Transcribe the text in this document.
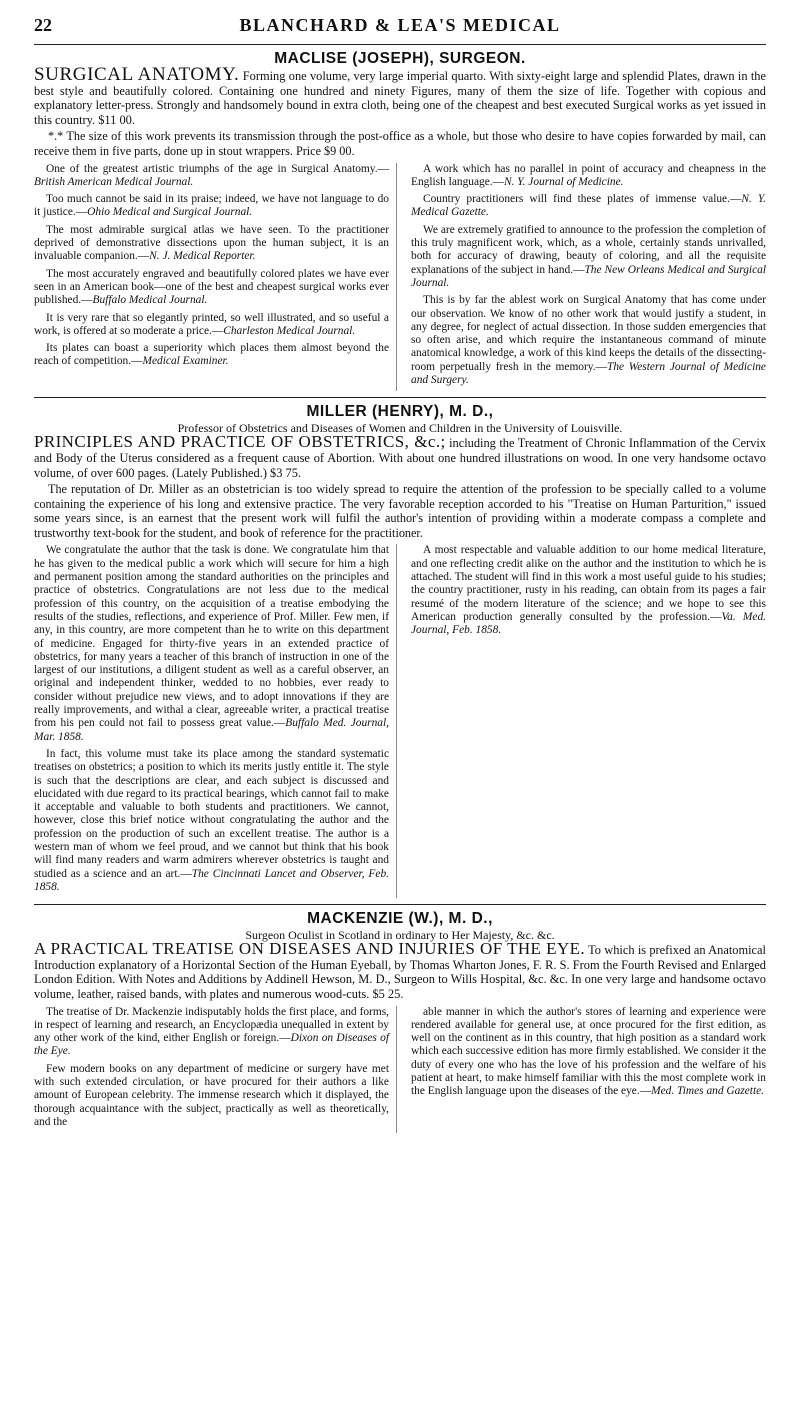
22	BLANCHARD & LEA'S MEDICAL
MACLISE (JOSEPH), SURGEON.

SURGICAL ANATOMY. Forming one volume, very large imperial quarto. With sixty-eight large and splendid Plates, drawn in the best style and beautifully colored. Containing one hundred and ninety Figures, many of them the size of life. Together with copious and explanatory letter-press. Strongly and handsomely bound in extra cloth, being one of the cheapest and best executed Surgical works as yet issued in this country. $11 00.

*.* The size of this work prevents its transmission through the post-office as a whole, but those who desire to have copies forwarded by mail, can receive them in five parts, done up in stout wrappers. Price $9 00.

One of the greatest artistic triumphs of the age in Surgical Anatomy.—British American Medical Journal.

Too much cannot be said in its praise; indeed, we have not language to do it justice.—Ohio Medical and Surgical Journal.

The most admirable surgical atlas we have seen. To the practitioner deprived of demonstrative dissections upon the human subject, it is an invaluable companion.—N. J. Medical Reporter.

The most accurately engraved and beautifully colored plates we have ever seen in an American book—one of the best and cheapest surgical works ever published.—Buffalo Medical Journal.

It is very rare that so elegantly printed, so well illustrated, and so useful a work, is offered at so moderate a price.—Charleston Medical Journal.

Its plates can boast a superiority which places them almost beyond the reach of competition.—Medical Examiner.

A work which has no parallel in point of accuracy and cheapness in the English language.—N. Y. Journal of Medicine.

Country practitioners will find these plates of immense value.—N. Y. Medical Gazette.

We are extremely gratified to announce to the profession the completion of this truly magnificent work, which, as a whole, certainly stands unrivalled, both for accuracy of drawing, beauty of coloring, and all the requisite explanations of the subject in hand.—The New Orleans Medical and Surgical Journal.

This is by far the ablest work on Surgical Anatomy that has come under our observation. We know of no other work that would justify a student, in any degree, for neglect of actual dissection. In those sudden emergencies that so often arise, and which require the instantaneous command of minute anatomical knowledge, a work of this kind keeps the details of the dissecting-room perpetually fresh in the memory.—The Western Journal of Medicine and Surgery.

MILLER (HENRY), M. D.,
Professor of Obstetrics and Diseases of Women and Children in the University of Louisville.

PRINCIPLES AND PRACTICE OF OBSTETRICS, &c.; including the Treatment of Chronic Inflammation of the Cervix and Body of the Uterus considered as a frequent cause of Abortion. With about one hundred illustrations on wood. In one very handsome octavo volume, of over 600 pages. (Lately Published.) $3 75.

The reputation of Dr. Miller as an obstetrician is too widely spread to require the attention of the profession to be specially called to a volume containing the experience of his long and extensive practice. The very favorable reception accorded to his "Treatise on Human Parturition," issued some years since, is an earnest that the present work will fulfil the author's intention of providing within a moderate compass a complete and trustworthy text-book for the student, and book of reference for the practitioner.

We congratulate the author that the task is done. We congratulate him that he has given to the medical public a work which will secure for him a high and permanent position among the standard authorities on the principles and practice of obstetrics. Congratulations are not less due to the medical profession of this country, on the acquisition of a treatise embodying the results of the studies, reflections, and experience of Prof. Miller. Few men, if any, in this country, are more competent than he to write on this department of medicine. Engaged for thirty-five years in an extended practice of obstetrics, for many years a teacher of this branch of instruction in one of the largest of our institutions, a diligent student as well as a careful observer, an original and independent thinker, wedded to no hobbies, ever ready to consider without prejudice new views, and to adopt innovations if they are really improvements, and withal a clear, agreeable writer, a practical treatise from his pen could not fail to possess great value.—Buffalo Med. Journal, Mar. 1858.

In fact, this volume must take its place among the standard systematic treatises on obstetrics; a position to which its merits justly entitle it. The style is such that the descriptions are clear, and each subject is discussed and elucidated with due regard to its practical bearings, which cannot fail to make it acceptable and valuable to both students and practitioners. We cannot, however, close this brief notice without congratulating the author and the profession on the production of such an excellent treatise. The author is a western man of whom we feel proud, and we cannot but think that his book will find many readers and warm admirers wherever obstetrics is taught and studied as a science and an art.—The Cincinnati Lancet and Observer, Feb. 1858.

A most respectable and valuable addition to our home medical literature, and one reflecting credit alike on the author and the institution to which he is attached. The student will find in this work a most useful guide to his studies; the country practitioner, rusty in his reading, can obtain from its pages a fair resumé of the modern literature of the science; and we hope to see this American production generally consulted by the profession.—Va. Med. Journal, Feb. 1858.

MACKENZIE (W.), M. D.,
Surgeon Oculist in Scotland in ordinary to Her Majesty, &c. &c.

A PRACTICAL TREATISE ON DISEASES AND INJURIES OF THE EYE. To which is prefixed an Anatomical Introduction explanatory of a Horizontal Section of the Human Eyeball, by Thomas Wharton Jones, F. R. S. From the Fourth Revised and Enlarged London Edition. With Notes and Additions by Addinell Hewson, M. D., Surgeon to Wills Hospital, &c. &c. In one very large and handsome octavo volume, leather, raised bands, with plates and numerous wood-cuts. $5 25.

The treatise of Dr. Mackenzie indisputably holds the first place, and forms, in respect of learning and research, an Encyclopædia unequalled in extent by any other work of the kind, either English or foreign.—Dixon on Diseases of the Eye.

Few modern books on any department of medicine or surgery have met with such extended circulation, or have procured for their authors a like amount of European celebrity. The immense research which it displayed, the thorough acquaintance with the subject, practically as well as theoretically, and the

able manner in which the author's stores of learning and experience were rendered available for general use, at once procured for the first edition, as well on the continent as in this country, that high position as a standard work which each successive edition has more firmly established. We consider it the duty of every one who has the love of his profession and the welfare of his patient at heart, to make himself familiar with this the most complete work in the English language upon the diseases of the eye.—Med. Times and Gazette.
